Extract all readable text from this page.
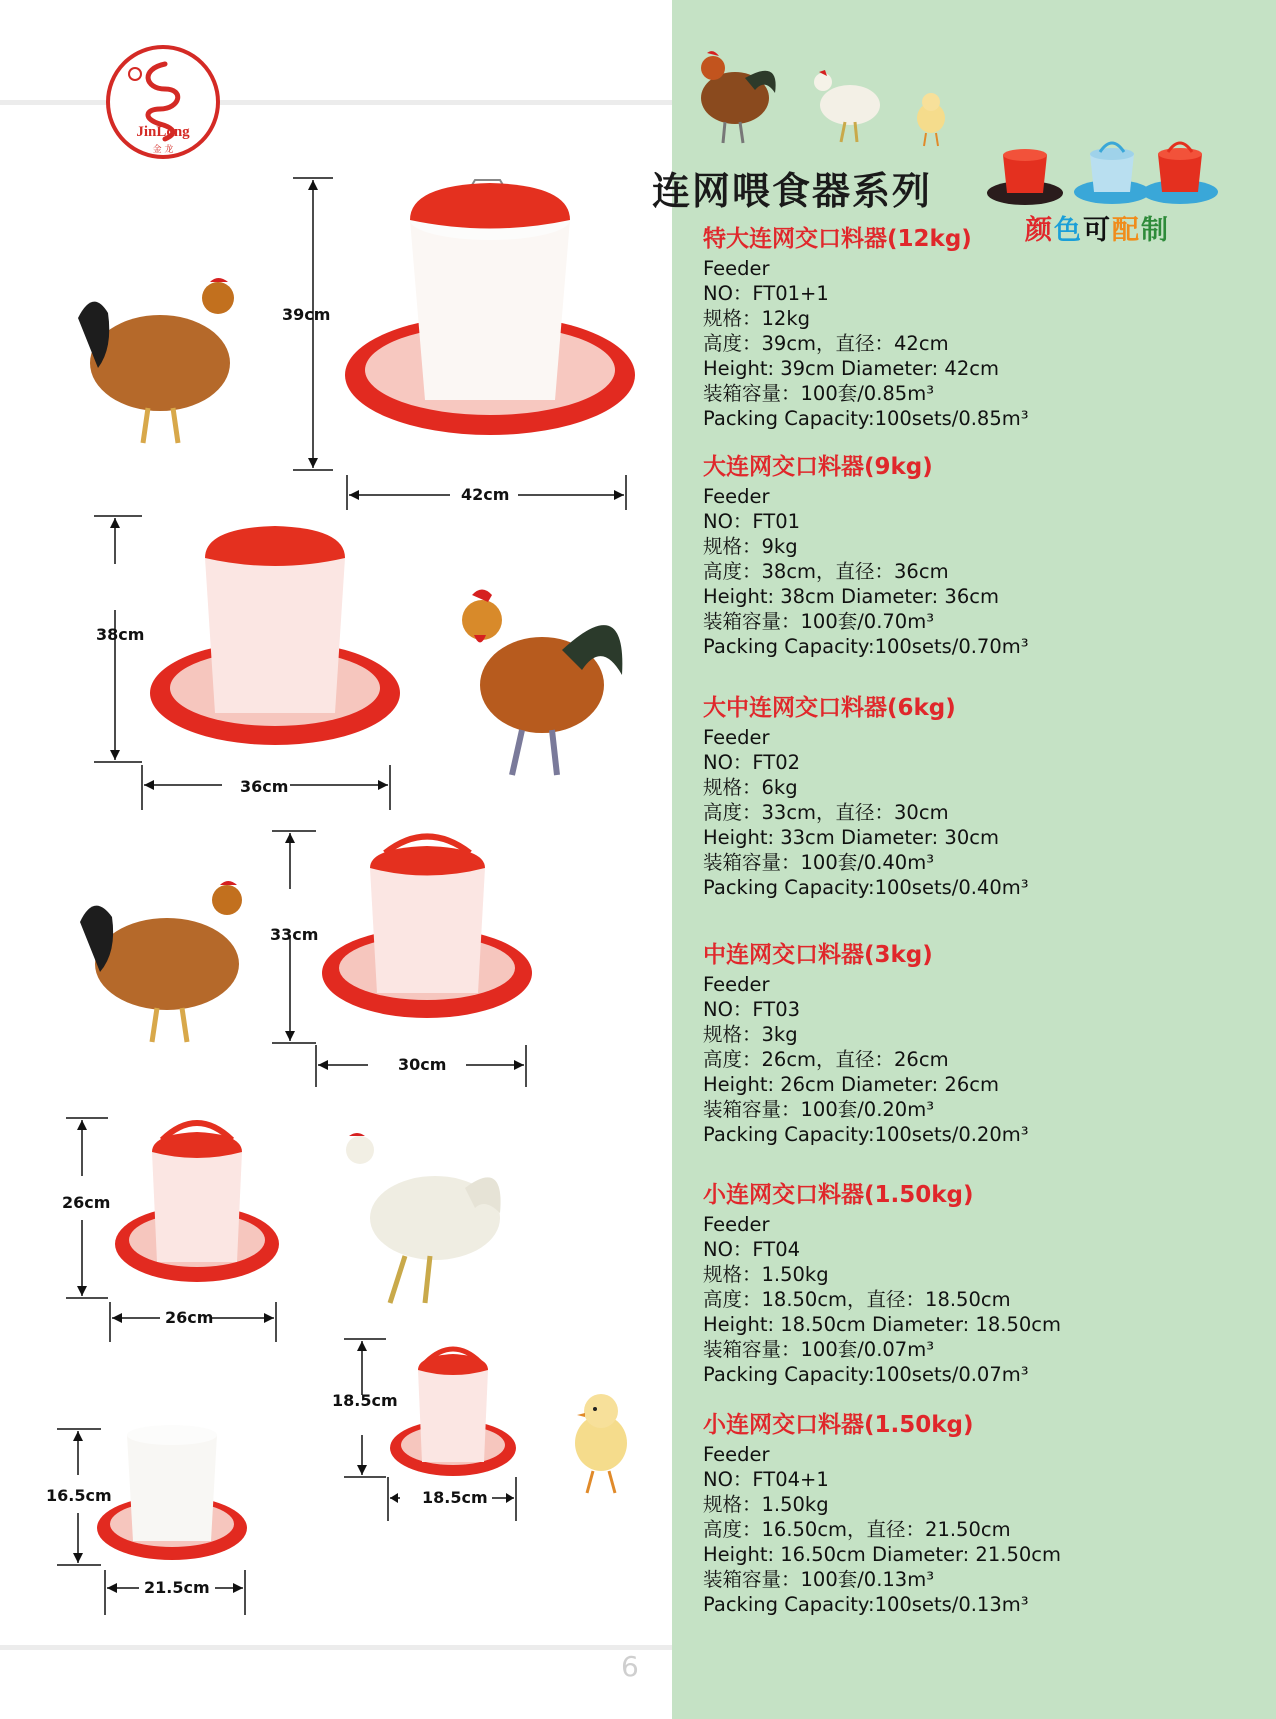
JinLong
金 龙
连网喂食器系列
颜色可配制
特大连网交口料器(12kg)
Feeder
NO：FT01+1
规格：12kg
高度：39cm，直径：42cm
Height: 39cm Diameter: 42cm
装箱容量：100套/0.85m³
Packing Capacity:100sets/0.85m³
大连网交口料器(9kg)
Feeder
NO：FT01
规格：9kg
高度：38cm，直径：36cm
Height: 38cm Diameter: 36cm
装箱容量：100套/0.70m³
Packing Capacity:100sets/0.70m³
大中连网交口料器(6kg)
Feeder
NO：FT02
规格：6kg
高度：33cm，直径：30cm
Height: 33cm Diameter: 30cm
装箱容量：100套/0.40m³
Packing Capacity:100sets/0.40m³
中连网交口料器(3kg)
Feeder
NO：FT03
规格：3kg
高度：26cm，直径：26cm
Height: 26cm Diameter: 26cm
装箱容量：100套/0.20m³
Packing Capacity:100sets/0.20m³
小连网交口料器(1.50kg)
Feeder
NO：FT04
规格：1.50kg
高度：18.50cm，直径：18.50cm
Height: 18.50cm Diameter: 18.50cm
装箱容量：100套/0.07m³
Packing Capacity:100sets/0.07m³
小连网交口料器(1.50kg)
Feeder
NO：FT04+1
规格：1.50kg
高度：16.50cm，直径：21.50cm
Height: 16.50cm Diameter: 21.50cm
装箱容量：100套/0.13m³
Packing Capacity:100sets/0.13m³
39cm
42cm
38cm
36cm
33cm
30cm
26cm
26cm
18.5cm
18.5cm
16.5cm
21.5cm
6
